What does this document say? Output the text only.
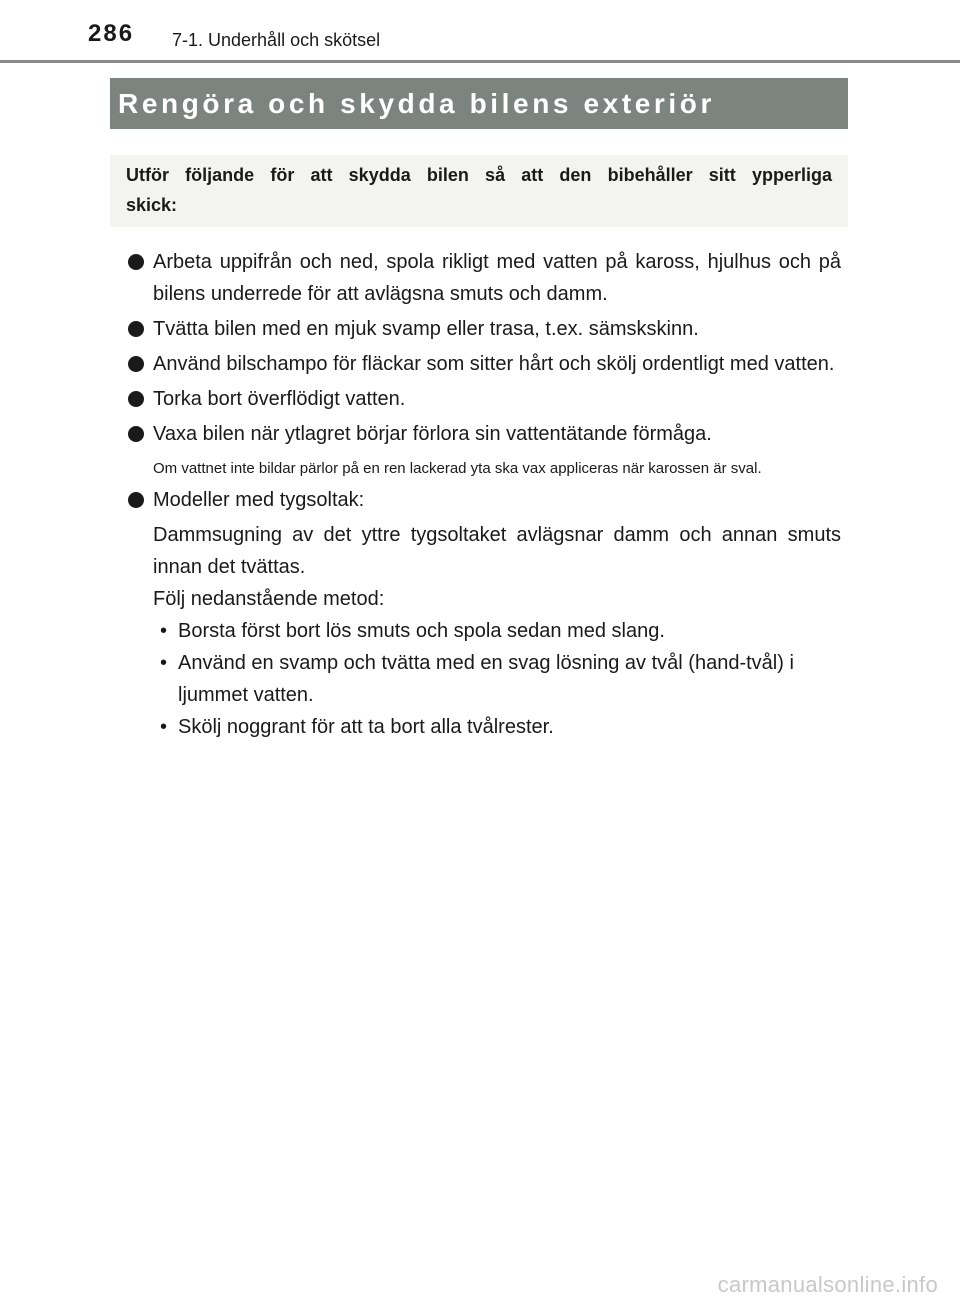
286 7-1. Underhåll och skötsel
Rengöra och skydda bilens exteriör

Utför följande för att skydda bilen så att den bibehåller sitt ypperliga skick:

Arbeta uppifrån och ned, spola rikligt med vatten på kaross, hjulhus och på bilens underrede för att avlägsna smuts och damm.
Tvätta bilen med en mjuk svamp eller trasa, t.ex. sämskskinn.
Använd bilschampo för fläckar som sitter hårt och skölj ordentligt med vatten.
Torka bort överflödigt vatten.
Vaxa bilen när ytlagret börjar förlora sin vattentätande förmåga.
Om vattnet inte bildar pärlor på en ren lackerad yta ska vax appliceras när karossen är sval.
Modeller med tygsoltak:
Dammsugning av det yttre tygsoltaket avlägsnar damm och annan smuts innan det tvättas.
Följ nedanstående metod:
• Borsta först bort lös smuts och spola sedan med slang.
• Använd en svamp och tvätta med en svag lösning av tvål (hand-tvål) i ljummet vatten.
• Skölj noggrant för att ta bort alla tvålrester.
carmanualsonline.info
